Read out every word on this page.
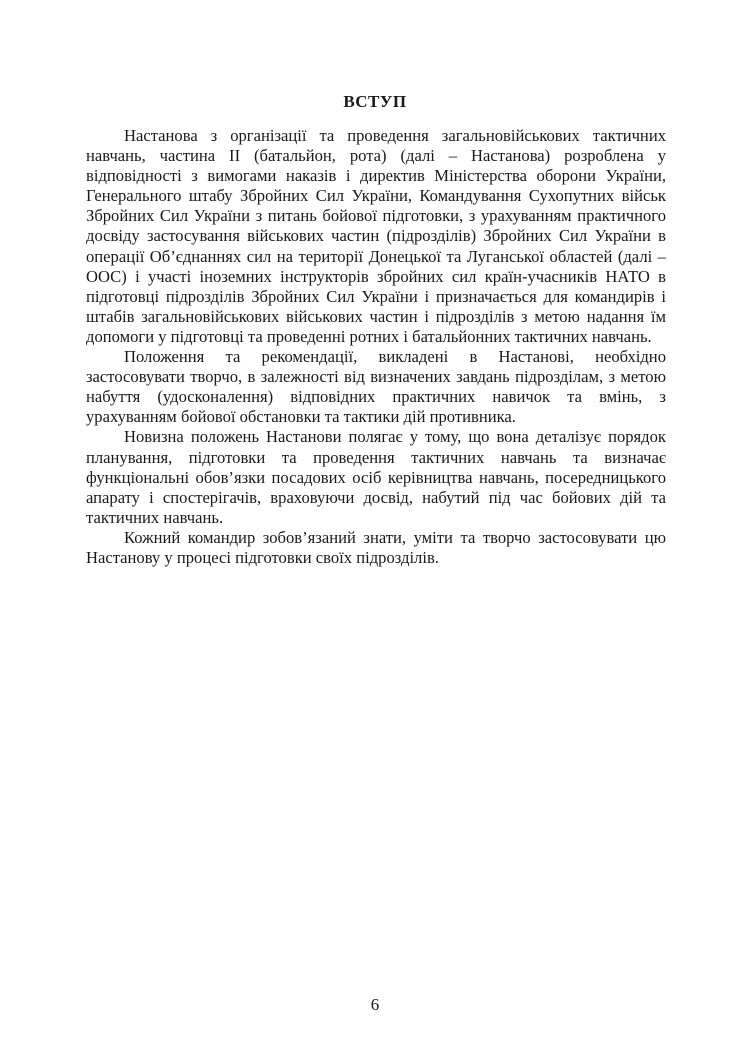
ВСТУП

Настанова з організації та проведення загальновійськових тактичних навчань, частина II (батальйон, рота) (далі – Настанова) розроблена у відповідності з вимогами наказів і директив Міністерства оборони України, Генерального штабу Збройних Сил України, Командування Сухопутних військ Збройних Сил України з питань бойової підготовки, з урахуванням практичного досвіду застосування військових частин (підрозділів) Збройних Сил України в операції Об’єднаннях сил на території Донецької та Луганської областей (далі – ООС) і участі іноземних інструкторів збройних сил країн-учасників НАТО в підготовці підрозділів Збройних Сил України і призначається для командирів і штабів загальновійськових військових частин і підрозділів з метою надання їм допомоги у підготовці та проведенні ротних і батальйонних тактичних навчань.

Положення та рекомендації, викладені в Настанові, необхідно застосовувати творчо, в залежності від визначених завдань підрозділам, з метою набуття (удосконалення) відповідних практичних навичок та вмінь, з урахуванням бойової обстановки та тактики дій противника.

Новизна положень Настанови полягає у тому, що вона деталізує порядок планування, підготовки та проведення тактичних навчань та визначає функціональні обов’язки посадових осіб керівництва навчань, посередницького апарату і спостерігачів, враховуючи досвід, набутий під час бойових дій та тактичних навчань.

Кожний командир зобов’язаний знати, уміти та творчо застосовувати цю Настанову у процесі підготовки своїх підрозділів.

6
